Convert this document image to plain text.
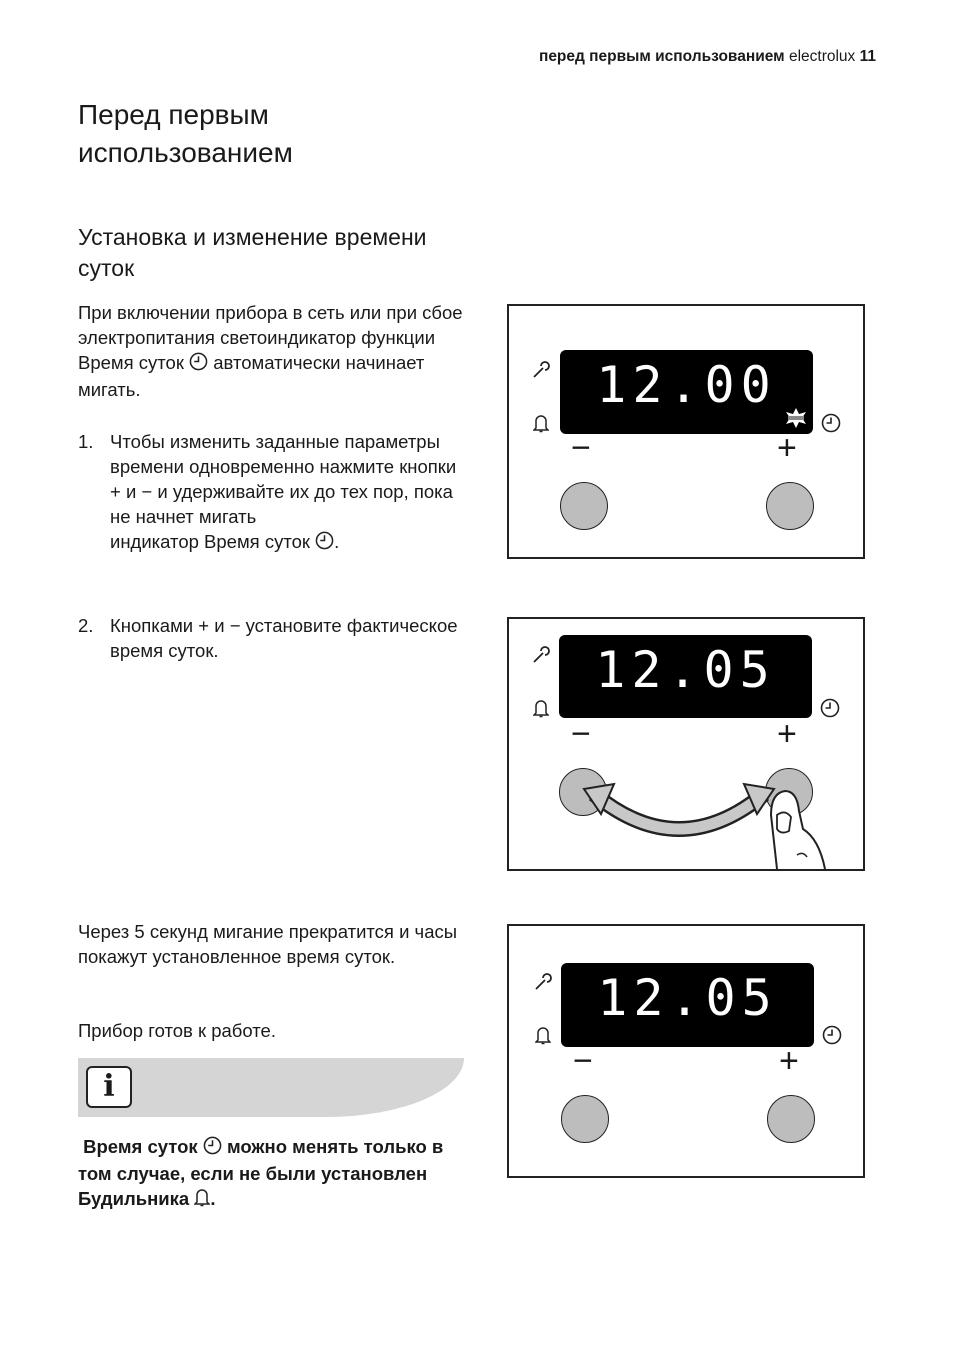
перед первым использованием electrolux 11
Перед первым использованием
Установка и изменение времени суток

При включении прибора в сеть или при сбое электропитания светоиндикатор функции Время суток автоматически начинает мигать.

1. Чтобы изменить заданные параметры времени одновременно нажмите кнопки + и − и удерживайте их до тех пор, пока не начнет мигать
индикатор Время суток .
2. Кнопками + и − установите фактическое время суток.

Через 5 секунд мигание прекратится и часы покажут установленное время суток.

Прибор готов к работе.

i
Время суток можно менять только в том случае, если не были установлен Будильника .
12.00
−	+
12.05
−	+
12.05
−	+
